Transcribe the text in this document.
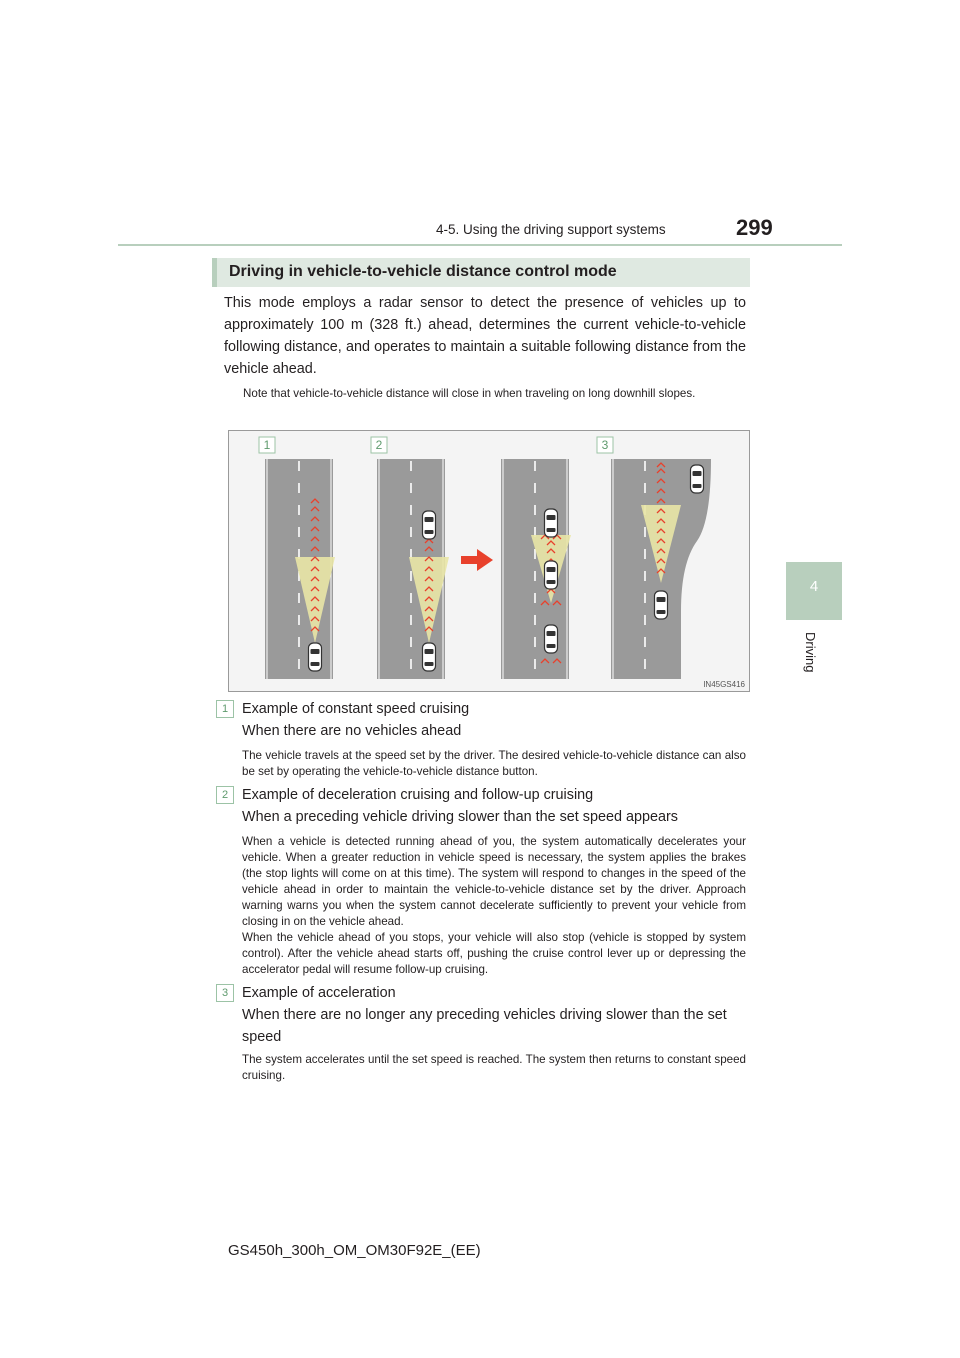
4-5. Using the driving support systems	299
4
Driving
Driving in vehicle-to-vehicle distance control mode
This mode employs a radar sensor to detect the presence of vehicles up to approximately 100 m (328 ft.) ahead, determines the current vehicle-to-vehicle following distance, and operates to maintain a suitable following distance from the vehicle ahead.
Note that vehicle-to-vehicle distance will close in when traveling on long downhill slopes.
1	2	3
IN45GS416
1 Example of constant speed cruising
When there are no vehicles ahead
The vehicle travels at the speed set by the driver. The desired vehicle-to-vehicle distance can also be set by operating the vehicle-to-vehicle distance button.
2 Example of deceleration cruising and follow-up cruising
When a preceding vehicle driving slower than the set speed appears
When a vehicle is detected running ahead of you, the system automatically decelerates your vehicle. When a greater reduction in vehicle speed is necessary, the system applies the brakes (the stop lights will come on at this time). The system will respond to changes in the speed of the vehicle ahead in order to maintain the vehicle-to-vehicle distance set by the driver. Approach warning warns you when the system cannot decelerate sufficiently to prevent your vehicle from closing in on the vehicle ahead.
When the vehicle ahead of you stops, your vehicle will also stop (vehicle is stopped by system control). After the vehicle ahead starts off, pushing the cruise control lever up or depressing the accelerator pedal will resume follow-up cruising.
3 Example of acceleration
When there are no longer any preceding vehicles driving slower than the set speed
The system accelerates until the set speed is reached. The system then returns to constant speed cruising.
GS450h_300h_OM_OM30F92E_(EE)
